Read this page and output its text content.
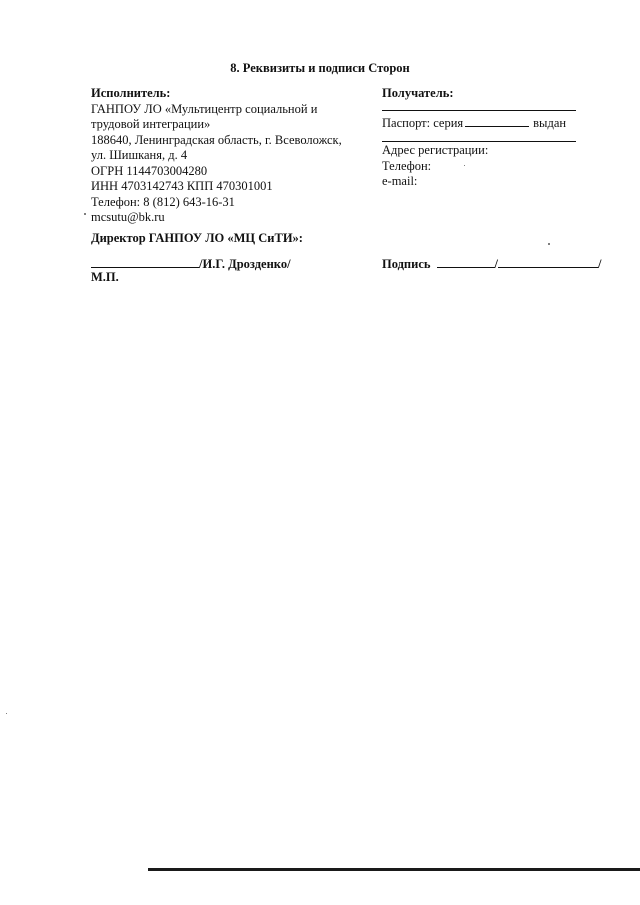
8. Реквизиты и подписи Сторон
Исполнитель:
ГАНПОУ ЛО «Мультицентр социальной и
трудовой интеграции»
188640, Ленинградская область, г. Всеволожск,
ул. Шишканя, д. 4
ОГРН 1144703004280
ИНН 4703142743 КПП 470301001
Телефон: 8 (812) 643-16-31
mcsutu@bk.ru
Получатель:
Паспорт: серия	выдан
Адрес регистрации:
Телефон:
e-mail:
Директор ГАНПОУ ЛО «МЦ СиТИ»:
/И.Г. Дрозденко/
М.П.
Подпись	/	/
